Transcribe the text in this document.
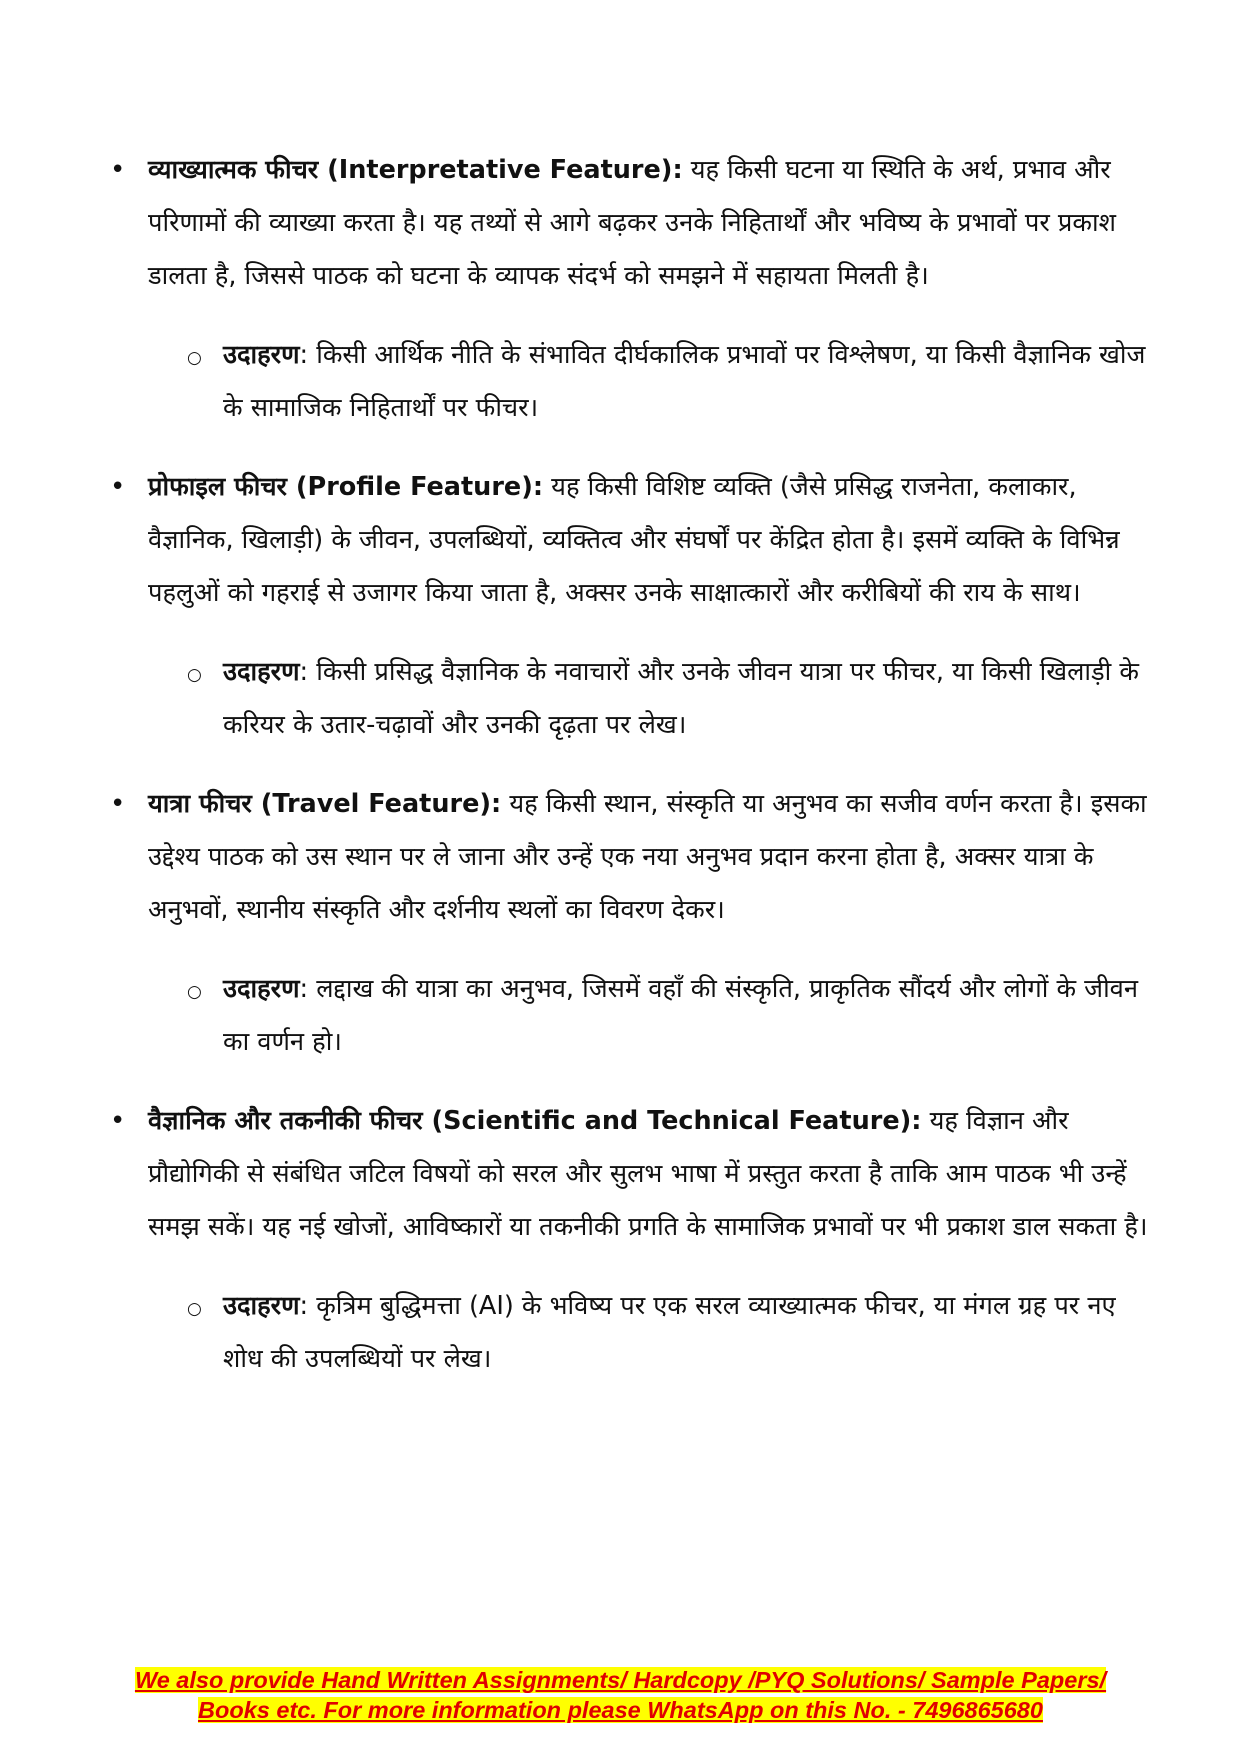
• व्याख्यात्मक फीचर (Interpretative Feature): यह किसी घटना या स्थिति के अर्थ, प्रभाव और परिणामों की व्याख्या करता है। यह तथ्यों से आगे बढ़कर उनके निहितार्थों और भविष्य के प्रभावों पर प्रकाश डालता है, जिससे पाठक को घटना के व्यापक संदर्भ को समझने में सहायता मिलती है।
○ उदाहरण: किसी आर्थिक नीति के संभावित दीर्घकालिक प्रभावों पर विश्लेषण, या किसी वैज्ञानिक खोज के सामाजिक निहितार्थों पर फीचर।
• प्रोफाइल फीचर (Profile Feature): यह किसी विशिष्ट व्यक्ति (जैसे प्रसिद्ध राजनेता, कलाकार, वैज्ञानिक, खिलाड़ी) के जीवन, उपलब्धियों, व्यक्तित्व और संघर्षों पर केंद्रित होता है। इसमें व्यक्ति के विभिन्न पहलुओं को गहराई से उजागर किया जाता है, अक्सर उनके साक्षात्कारों और करीबियों की राय के साथ।
○ उदाहरण: किसी प्रसिद्ध वैज्ञानिक के नवाचारों और उनके जीवन यात्रा पर फीचर, या किसी खिलाड़ी के करियर के उतार-चढ़ावों और उनकी दृढ़ता पर लेख।
• यात्रा फीचर (Travel Feature): यह किसी स्थान, संस्कृति या अनुभव का सजीव वर्णन करता है। इसका उद्देश्य पाठक को उस स्थान पर ले जाना और उन्हें एक नया अनुभव प्रदान करना होता है, अक्सर यात्रा के अनुभवों, स्थानीय संस्कृति और दर्शनीय स्थलों का विवरण देकर।
○ उदाहरण: लद्दाख की यात्रा का अनुभव, जिसमें वहाँ की संस्कृति, प्राकृतिक सौंदर्य और लोगों के जीवन का वर्णन हो।
• वैज्ञानिक और तकनीकी फीचर (Scientific and Technical Feature): यह विज्ञान और प्रौद्योगिकी से संबंधित जटिल विषयों को सरल और सुलभ भाषा में प्रस्तुत करता है ताकि आम पाठक भी उन्हें समझ सकें। यह नई खोजों, आविष्कारों या तकनीकी प्रगति के सामाजिक प्रभावों पर भी प्रकाश डाल सकता है।
○ उदाहरण: कृत्रिम बुद्धिमत्ता (AI) के भविष्य पर एक सरल व्याख्यात्मक फीचर, या मंगल ग्रह पर नए शोध की उपलब्धियों पर लेख।
We also provide Hand Written Assignments/ Hardcopy /PYQ Solutions/ Sample Papers/
Books etc. For more information please WhatsApp on this No. - 7496865680
